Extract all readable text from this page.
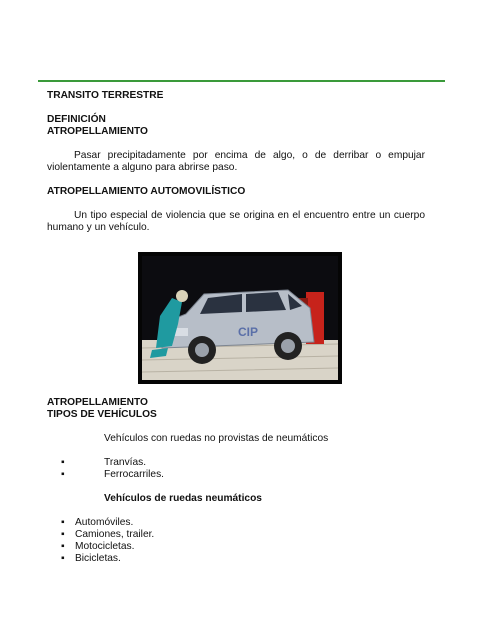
TRANSITO TERRESTRE
DEFINICIÓN
ATROPELLAMIENTO

Pasar precipitadamente por encima de algo, o de derribar o empujar violentamente a alguno para abrirse paso.

ATROPELLAMIENTO AUTOMOVILÍSTICO

Un tipo especial de violencia que se origina en el encuentro entre un cuerpo humano y un vehículo.

CIP
ATROPELLAMIENTO
TIPOS DE VEHÍCULOS
Vehículos con ruedas no provistas de neumáticos
▪	Tranvías.
▪	Ferrocarriles.
Vehículos de ruedas neumáticos
▪ Automóviles.
▪ Camiones, trailer.
▪ Motocicletas.
▪ Bicicletas.
